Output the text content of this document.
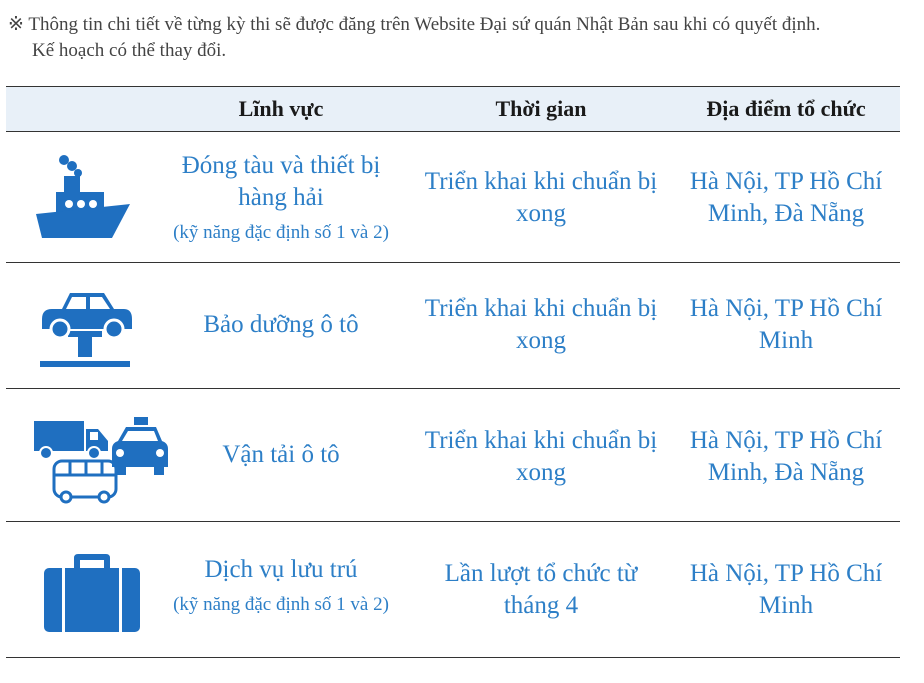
※ Thông tin chi tiết về từng kỳ thi sẽ được đăng trên Website Đại sứ quán Nhật Bản sau khi có quyết định.
Kế hoạch có thể thay đổi.
Lĩnh vực	Thời gian	Địa điểm tổ chức
Đóng tàu và thiết bị hàng hải
(kỹ năng đặc định số 1 và 2)
Triển khai khi chuẩn bị xong
Hà Nội, TP Hồ Chí Minh, Đà Nẵng
Bảo dưỡng ô tô
Triển khai khi chuẩn bị xong
Hà Nội, TP Hồ Chí Minh
Vận tải ô tô
Triển khai khi chuẩn bị xong
Hà Nội, TP Hồ Chí Minh, Đà Nẵng
Dịch vụ lưu trú
(kỹ năng đặc định số 1 và 2)
Lần lượt tổ chức từ tháng 4
Hà Nội, TP Hồ Chí Minh
